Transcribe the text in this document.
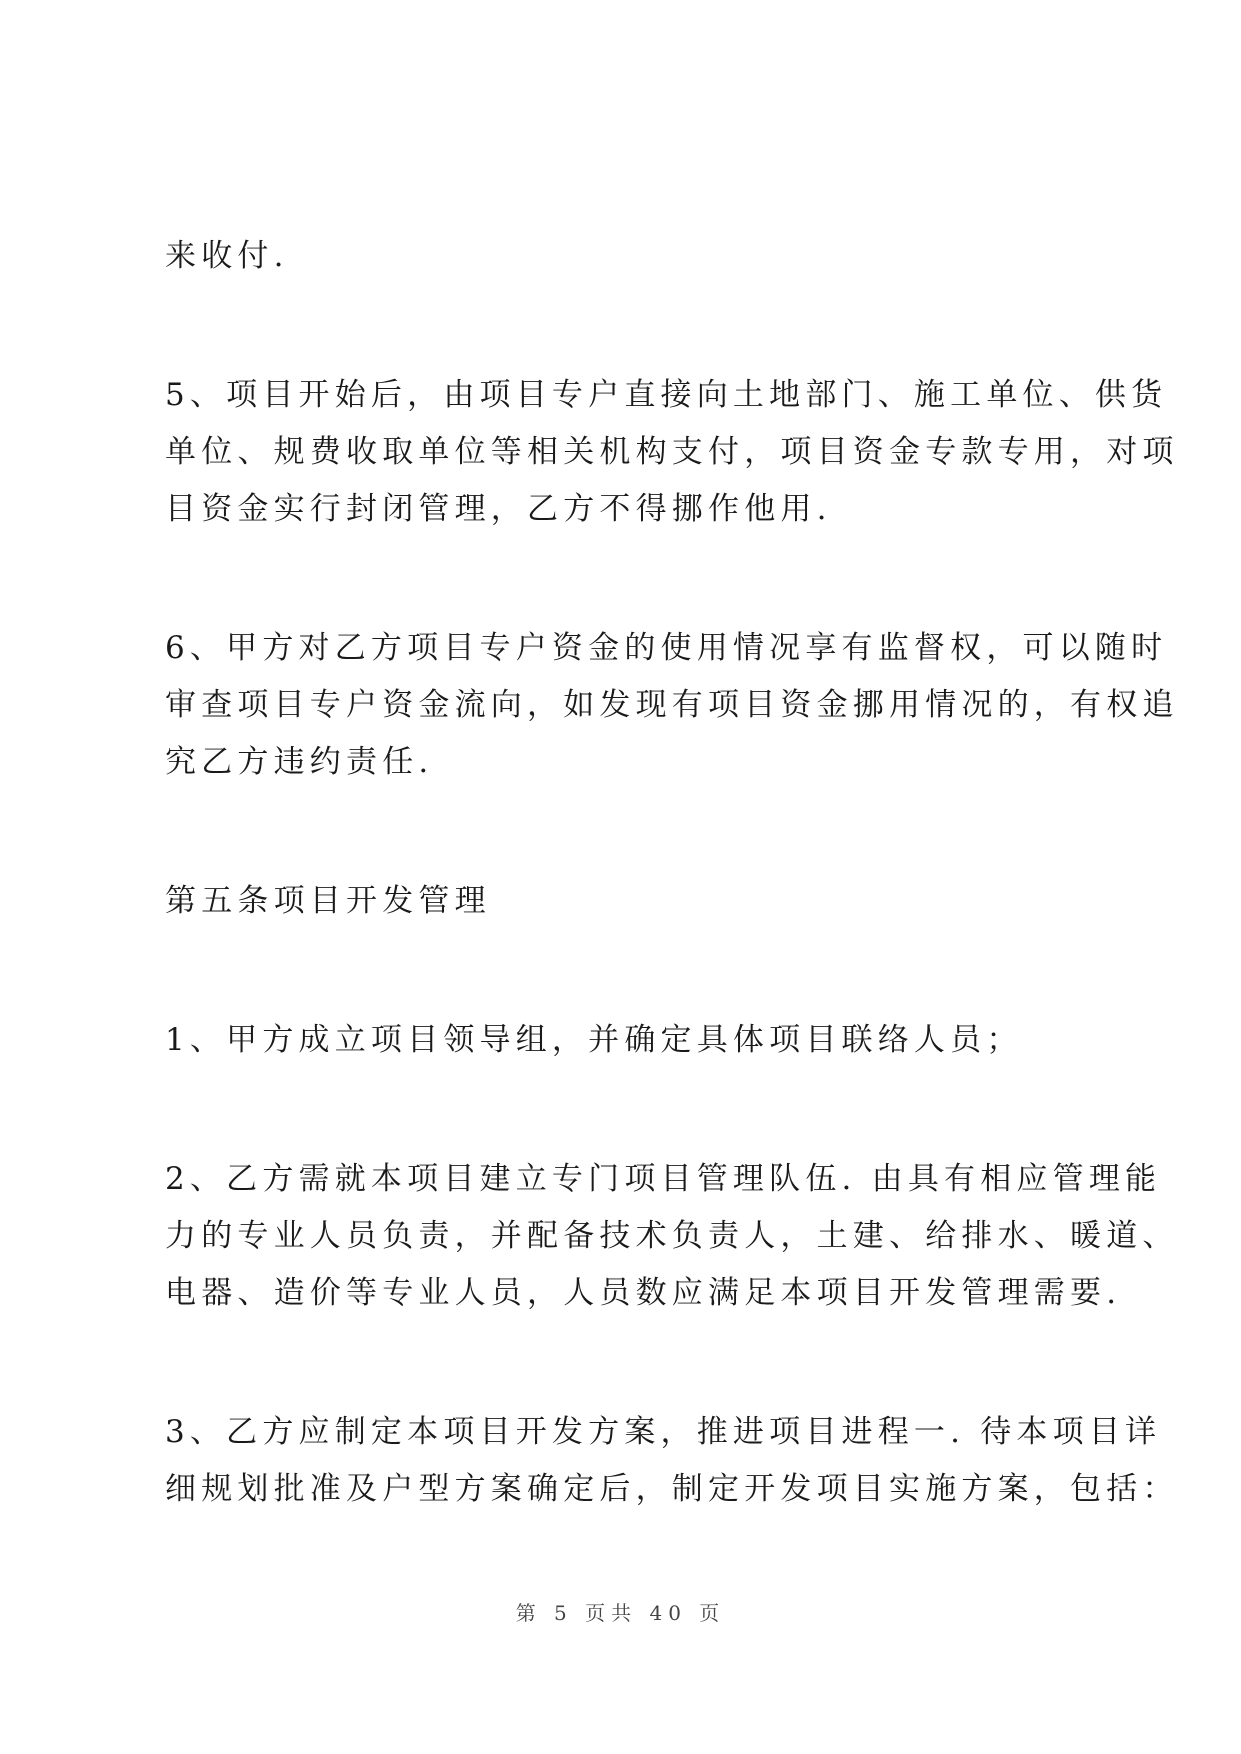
来收付.
5、项目开始后，由项目专户直接向土地部门、施工单位、供货
单位、规费收取单位等相关机构支付，项目资金专款专用，对项
目资金实行封闭管理，乙方不得挪作他用.
6、甲方对乙方项目专户资金的使用情况享有监督权，可以随时
审查项目专户资金流向，如发现有项目资金挪用情况的，有权追
究乙方违约责任.
第五条项目开发管理
1、甲方成立项目领导组，并确定具体项目联络人员；
2、乙方需就本项目建立专门项目管理队伍. 由具有相应管理能
力的专业人员负责，并配备技术负责人，土建、给排水、暖道、
电器、造价等专业人员，人员数应满足本项目开发管理需要.
3、乙方应制定本项目开发方案，推进项目进程一. 待本项目详
细规划批准及户型方案确定后，制定开发项目实施方案，包括：
第 5 页共 40 页
